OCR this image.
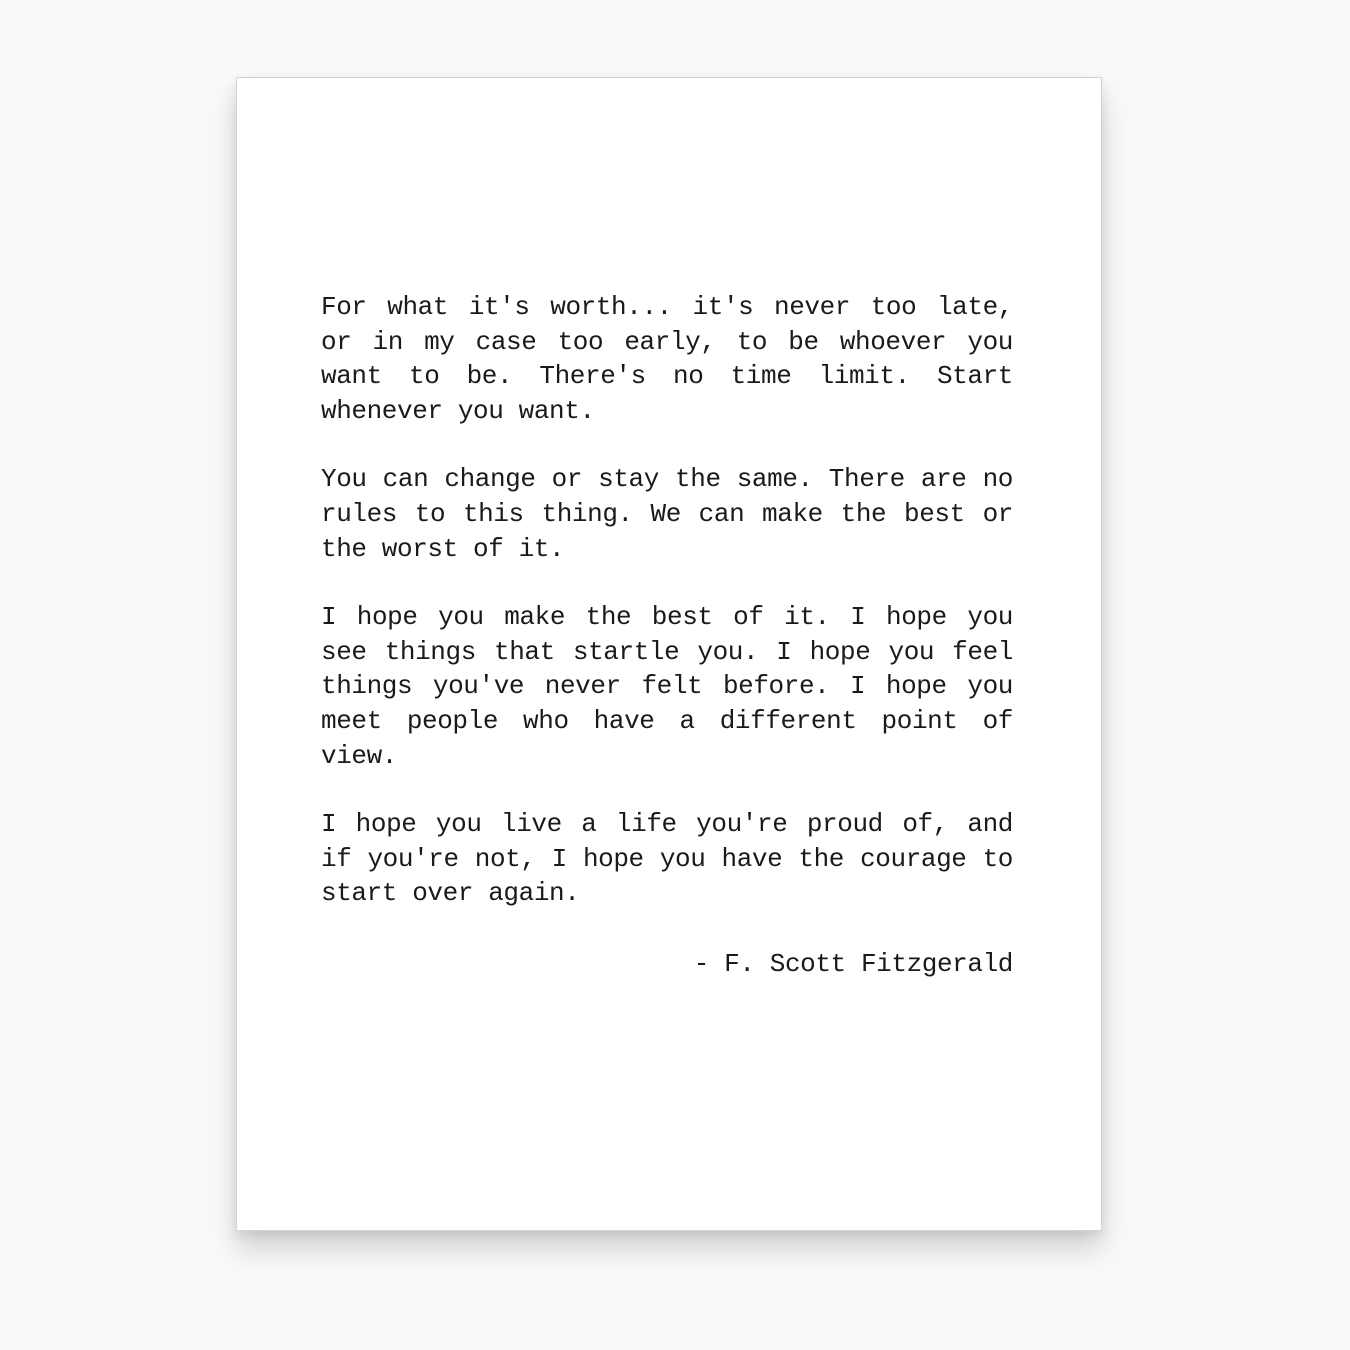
For what it's worth... it's never too late, or in my case too early, to be whoever you want to be. There's no time limit. Start whenever you want.

You can change or stay the same. There are no rules to this thing. We can make the best or the worst of it.

I hope you make the best of it. I hope you see things that startle you. I hope you feel things you've never felt before. I hope you meet people who have a different point of view.

I hope you live a life you're proud of, and if you're not, I hope you have the courage to start over again.

- F. Scott Fitzgerald
